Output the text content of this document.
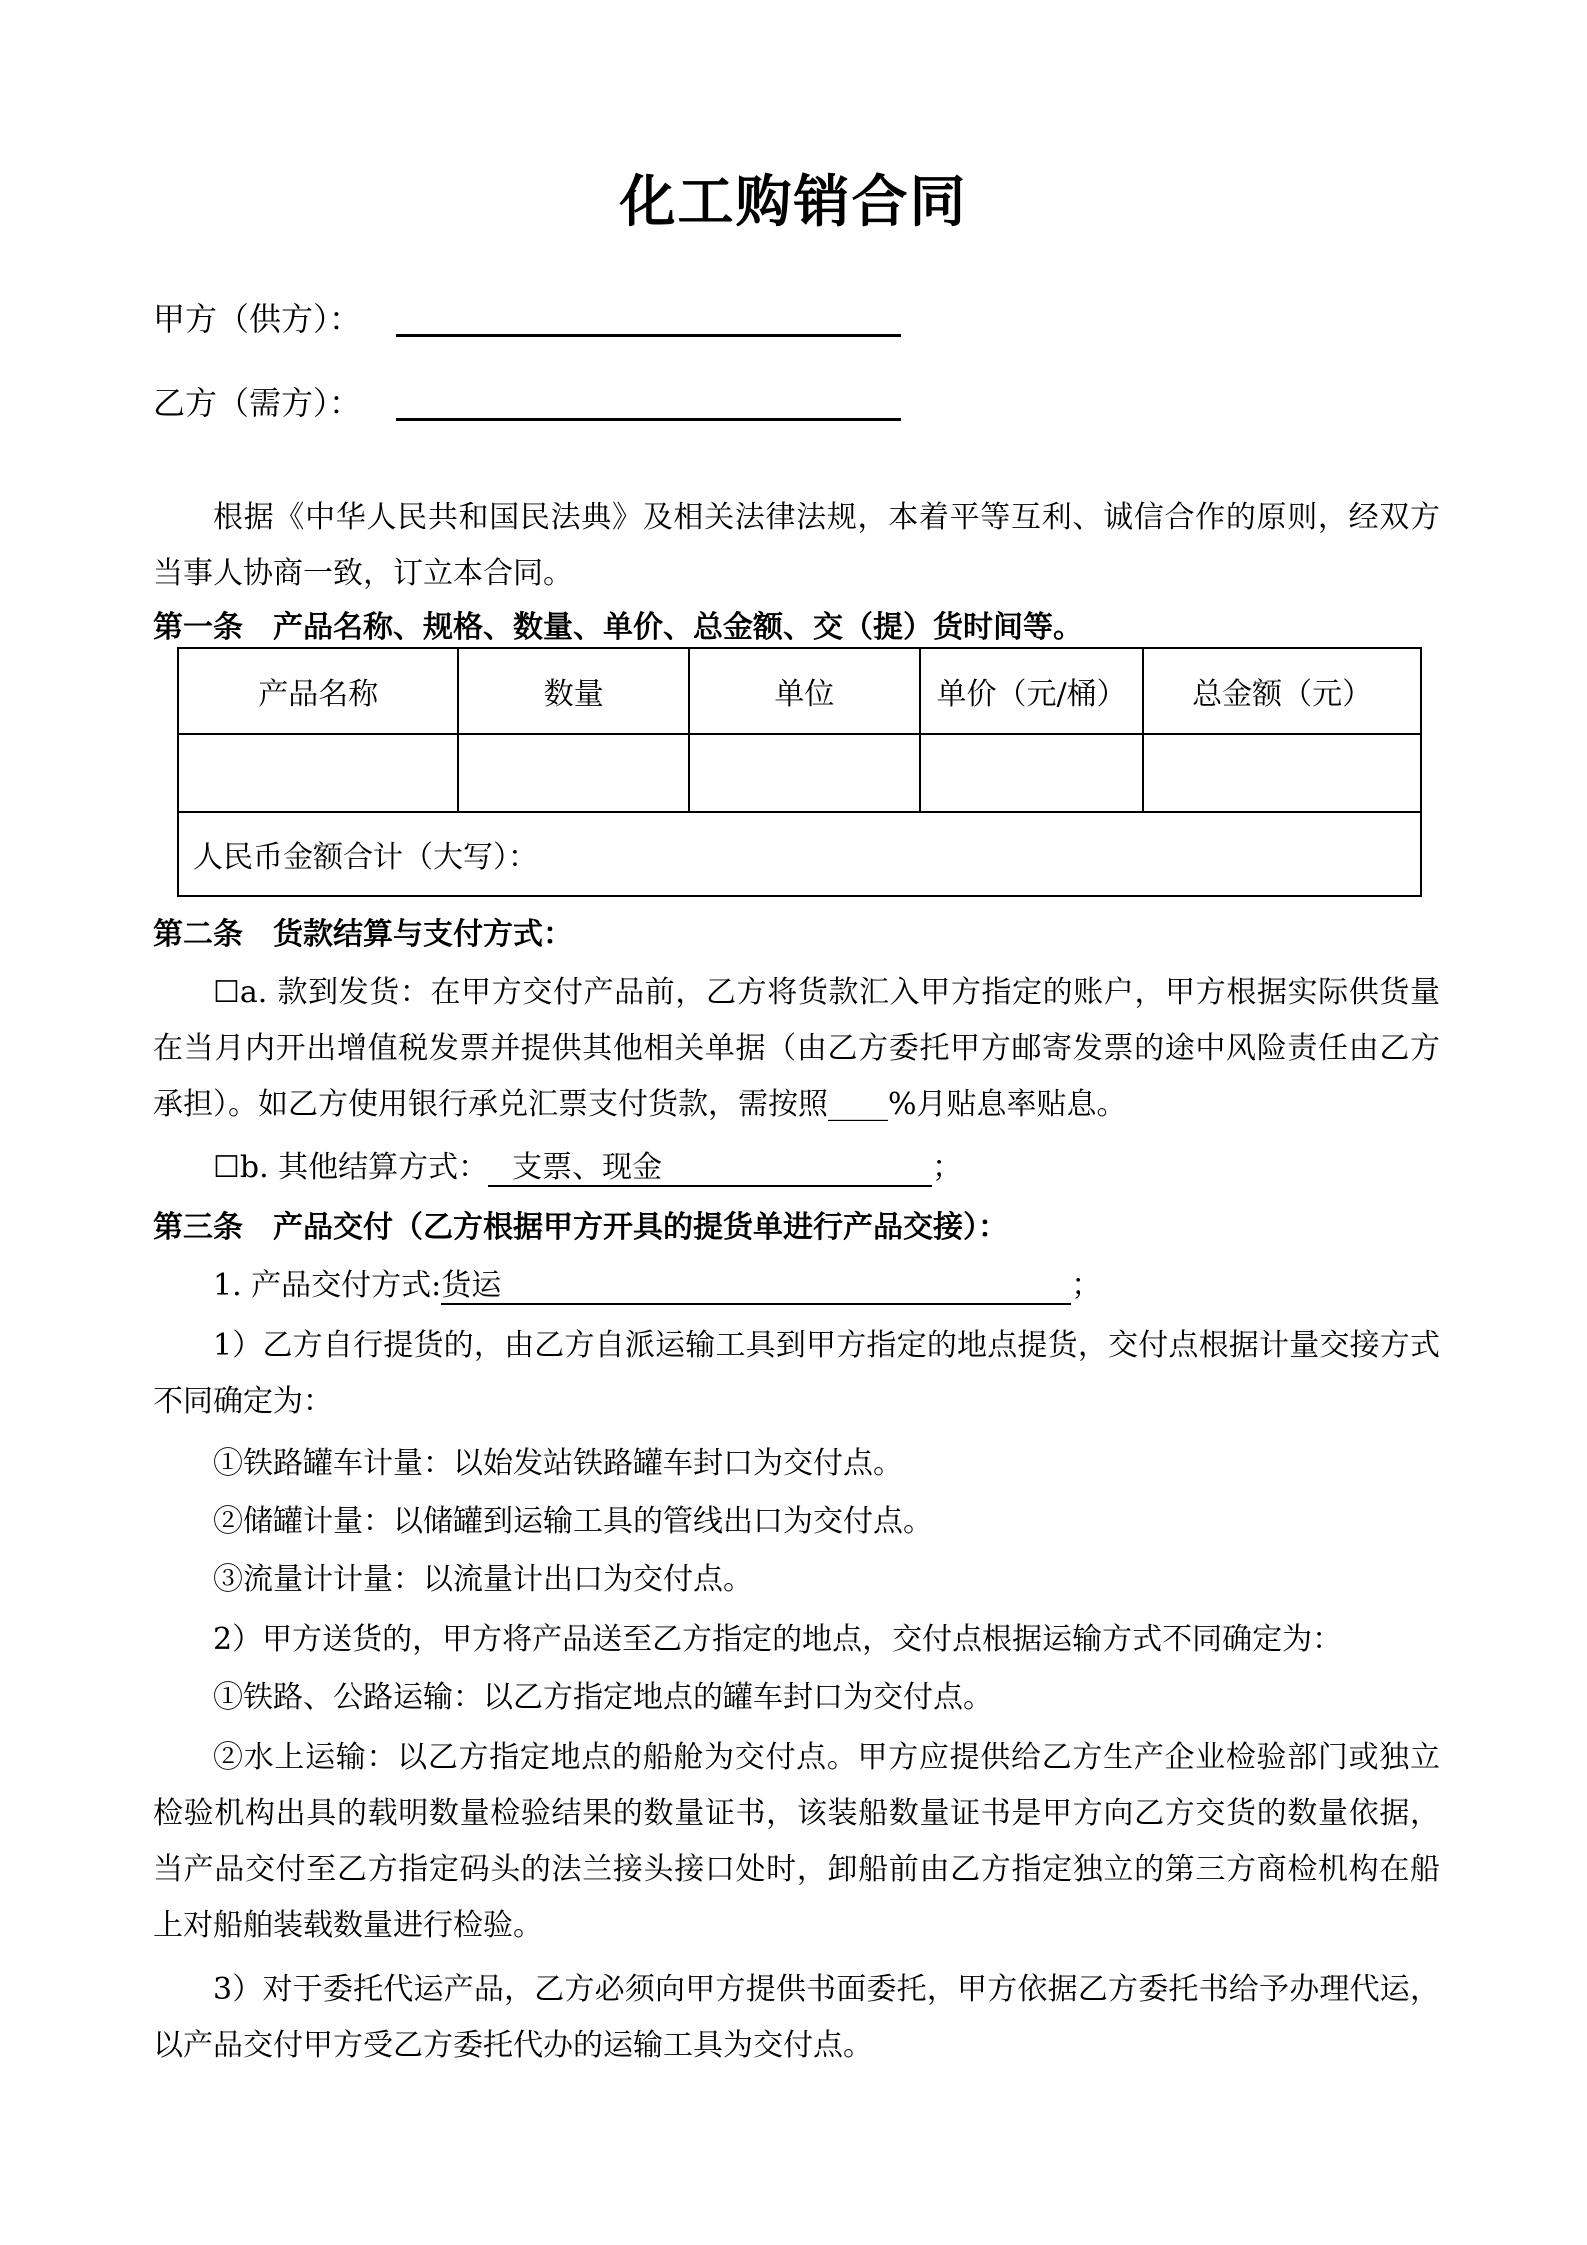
化工购销合同
甲方（供方）：
乙方（需方）：
根据《中华人民共和国民法典》及相关法律法规，本着平等互利、诚信合作的原则，经双方当事人协商一致，订立本合同。
第一条　产品名称、规格、数量、单价、总金额、交（提）货时间等。
产品名称	数量	单位	单价（元/桶）	总金额（元）

人民币金额合计（大写）：				
第二条　货款结算与支付方式：
☐a. 款到发货：在甲方交付产品前，乙方将货款汇入甲方指定的账户，甲方根据实际供货量在当月内开出增值税发票并提供其他相关单据（由乙方委托甲方邮寄发票的途中风险责任由乙方承担）。如乙方使用银行承兑汇票支付货款，需按照____%月贴息率贴息。
☐b. 其他结算方式： 支票、现金	；
第三条　产品交付（乙方根据甲方开具的提货单进行产品交接）：
1. 产品交付方式:货运	；
1）乙方自行提货的，由乙方自派运输工具到甲方指定的地点提货，交付点根据计量交接方式不同确定为：
①铁路罐车计量：以始发站铁路罐车封口为交付点。
②储罐计量：以储罐到运输工具的管线出口为交付点。
③流量计计量：以流量计出口为交付点。
2）甲方送货的，甲方将产品送至乙方指定的地点，交付点根据运输方式不同确定为：
①铁路、公路运输：以乙方指定地点的罐车封口为交付点。
②水上运输：以乙方指定地点的船舱为交付点。甲方应提供给乙方生产企业检验部门或独立检验机构出具的载明数量检验结果的数量证书，该装船数量证书是甲方向乙方交货的数量依据，当产品交付至乙方指定码头的法兰接头接口处时，卸船前由乙方指定独立的第三方商检机构在船上对船舶装载数量进行检验。
3）对于委托代运产品，乙方必须向甲方提供书面委托，甲方依据乙方委托书给予办理代运，以产品交付甲方受乙方委托代办的运输工具为交付点。
